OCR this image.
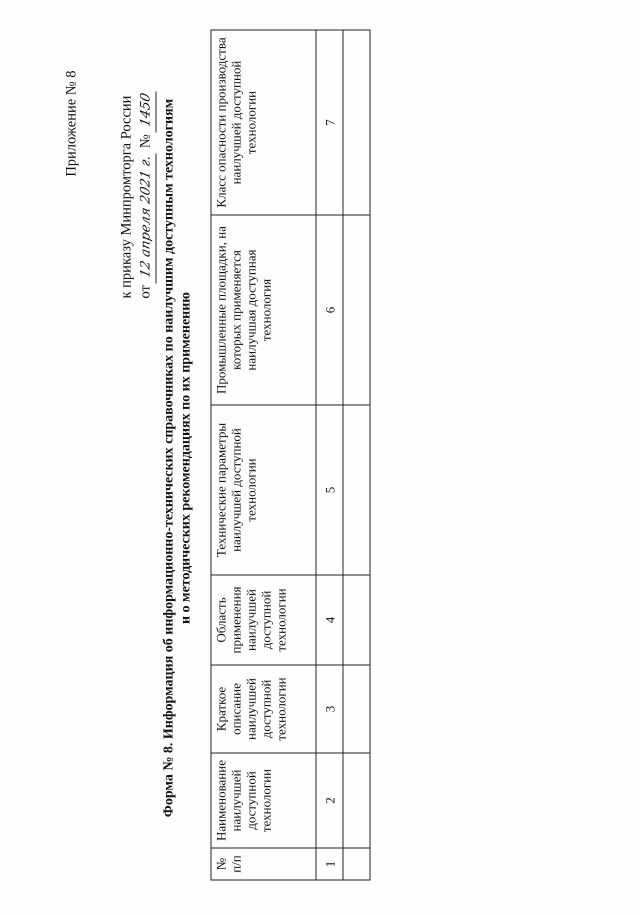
Приложение № 8	к приказу Минпромторга России от 12 апреля 2021 г. № 1450 Форма № 8. Информация об информационно-технических справочниках по наилучшим доступным технологиям и о методических рекомендациях по их применению
№ п/п	Наименование наилучшей доступной технологии	Краткое описание наилучшей доступной технологии	Область применения наилучшей доступной технологии	Технические параметры наилучшей доступной технологии	Промышленные площадки, на которых применяется наилучшая доступная технология	Класс опасности производства наилучшей доступной технологии
1	2	3	4	5	6	7
